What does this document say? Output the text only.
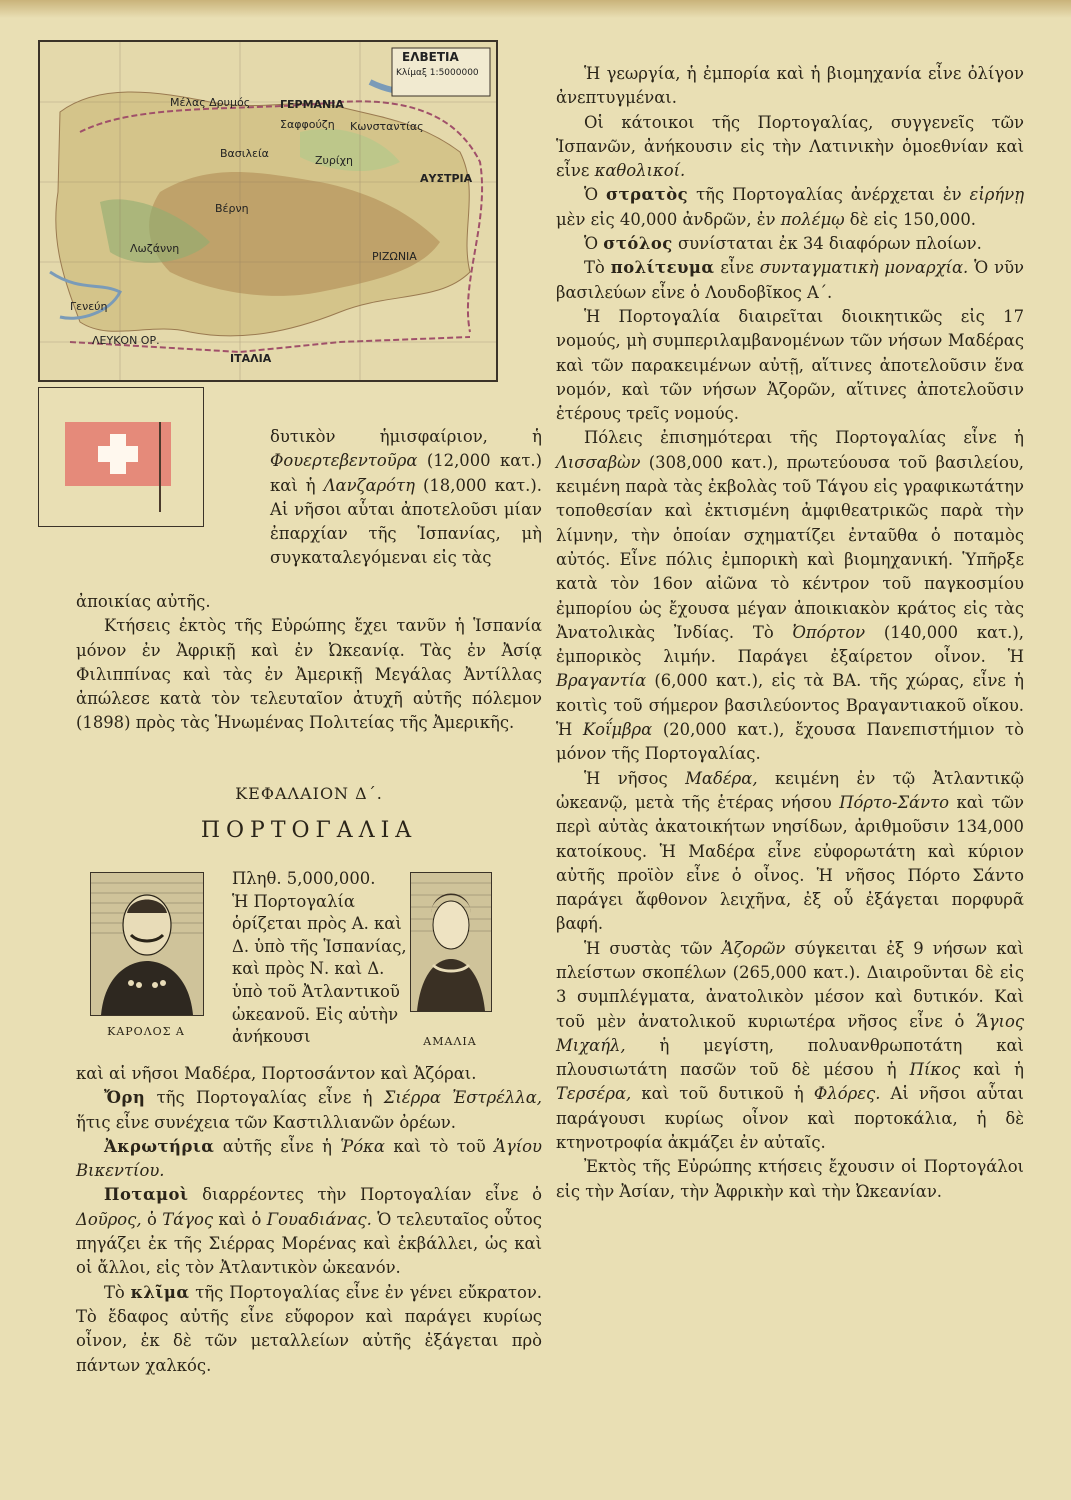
ΕΛΒΕΤΙΑ
Κλίμαξ 1:5000000
ΓΕΡΜΑΝΙΑ
ΑΥΣΤΡΙΑ
ΙΤΑΛΙΑ
Μέλας Δρυμός
Ζυρίχη
Βασιλεία
Βέρνη
Λωζάννη
Γενεύη
Σαφφούζη Κωνσταντίας
ΡΙΖΩΝΙΑ
ΛΕΥΚΟΝ ΟΡ.

δυτικὸν ἡμισφαίριον, ἡ Φουερτεβεντοῦρα (12,000 κατ.) καὶ ἡ Λανζαρότη (18,000 κατ.). Αἱ νῆσοι αὗται ἀποτελοῦσι μίαν ἐπαρχίαν τῆς Ἱσπανίας, μὴ συγκαταλεγόμεναι εἰς τὰς

ἀποικίας αὐτῆς.

Κτήσεις ἐκτὸς τῆς Εὐρώπης ἔχει τανῦν ἡ Ἱσπανία μόνον ἐν Ἀφρικῇ καὶ ἐν Ὠκεανίᾳ. Τὰς ἐν Ἀσίᾳ Φιλιππίνας καὶ τὰς ἐν Ἀμερικῇ Μεγάλας Ἀντίλλας ἀπώλεσε κατὰ τὸν τελευταῖον ἀτυχῆ αὐτῆς πόλεμον (1898) πρὸς τὰς Ἡνωμένας Πολιτείας τῆς Ἀμερικῆς.

ΚΕΦΑΛΑΙΟΝ Δ΄.
ΠΟΡΤΟΓΑΛΙΑ
ΚΑΡΟΛΟΣ Α
ΑΜΑΛΙΑ

Πληθ. 5,000,000.

Ἡ Πορτογαλία ὁρίζεται πρὸς Α. καὶ Δ. ὑπὸ τῆς Ἱσπανίας, καὶ πρὸς Ν. καὶ Δ. ὑπὸ τοῦ Ἀτλαντικοῦ ὠκεανοῦ. Εἰς αὐτὴν ἀνήκουσι

καὶ αἱ νῆσοι Μαδέρα, Πορτοσάντον καὶ Ἀζόραι.

Ὄρη τῆς Πορτογαλίας εἶνε ἡ Σιέρρα Ἐστρέλλα, ἥτις εἶνε συνέχεια τῶν Καστιλλιανῶν ὀρέων.

Ἀκρωτήρια αὐτῆς εἶνε ἡ Ῥόκα καὶ τὸ τοῦ Ἁγίου Βικεντίου.

Ποταμοὶ διαρρέοντες τὴν Πορτογαλίαν εἶνε ὁ Δοῦρος, ὁ Τάγος καὶ ὁ Γουαδιάνας. Ὁ τελευταῖος οὗτος πηγάζει ἐκ τῆς Σιέρρας Μορένας καὶ ἐκβάλλει, ὡς καὶ οἱ ἄλλοι, εἰς τὸν Ἀτλαντικὸν ὠκεανόν.

Τὸ κλῖμα τῆς Πορτογαλίας εἶνε ἐν γένει εὔκρατον. Τὸ ἔδαφος αὐτῆς εἶνε εὔφορον καὶ παράγει κυρίως οἶνον, ἐκ δὲ τῶν μεταλλείων αὐτῆς ἐξάγεται πρὸ πάντων χαλκός.

Ἡ γεωργία, ἡ ἐμπορία καὶ ἡ βιομηχανία εἶνε ὀλίγον ἀνεπτυγμέναι.

Οἱ κάτοικοι τῆς Πορτογαλίας, συγγενεῖς τῶν Ἱσπανῶν, ἀνήκουσιν εἰς τὴν Λατινικὴν ὁμοεθνίαν καὶ εἶνε καθολικοί.

Ὁ στρατὸς τῆς Πορτογαλίας ἀνέρχεται ἐν εἰρήνῃ μὲν εἰς 40,000 ἀνδρῶν, ἐν πολέμῳ δὲ εἰς 150,000.

Ὁ στόλος συνίσταται ἐκ 34 διαφόρων πλοίων.

Τὸ πολίτευμα εἶνε συνταγματικὴ μοναρχία. Ὁ νῦν βασιλεύων εἶνε ὁ Λουδοβῖκος Α΄.

Ἡ Πορτογαλία διαιρεῖται διοικητικῶς εἰς 17 νομούς, μὴ συμπεριλαμβανομένων τῶν νήσων Μαδέρας καὶ τῶν παρακειμένων αὐτῇ, αἵτινες ἀποτελοῦσιν ἕνα νομόν, καὶ τῶν νήσων Ἀζορῶν, αἵτινες ἀποτελοῦσιν ἑτέρους τρεῖς νομούς.

Πόλεις ἐπισημότεραι τῆς Πορτογαλίας εἶνε ἡ Λισσαβὼν (308,000 κατ.), πρωτεύουσα τοῦ βασιλείου, κειμένη παρὰ τὰς ἐκβολὰς τοῦ Τάγου εἰς γραφικωτάτην τοποθεσίαν καὶ ἐκτισμένη ἀμφιθεατρικῶς παρὰ τὴν λίμνην, τὴν ὁποίαν σχηματίζει ἐνταῦθα ὁ ποταμὸς αὐτός. Εἶνε πόλις ἐμπορικὴ καὶ βιομηχανική. Ὑπῆρξε κατὰ τὸν 16ον αἰῶνα τὸ κέντρον τοῦ παγκοσμίου ἐμπορίου ὡς ἔχουσα μέγαν ἀποικιακὸν κράτος εἰς τὰς Ἀνατολικὰς Ἰνδίας. Τὸ Ὀπόρτον (140,000 κατ.), ἐμπορικὸς λιμήν. Παράγει ἐξαίρετον οἶνον. Ἡ Βραγαντία (6,000 κατ.), εἰς τὰ ΒΑ. τῆς χώρας, εἶνε ἡ κοιτὶς τοῦ σήμερον βασιλεύοντος Βραγαντιακοῦ οἴκου. Ἡ Κοΐμβρα (20,000 κατ.), ἔχουσα Πανεπιστήμιον τὸ μόνον τῆς Πορτογαλίας.

Ἡ νῆσος Μαδέρα, κειμένη ἐν τῷ Ἀτλαντικῷ ὠκεανῷ, μετὰ τῆς ἑτέρας νήσου Πόρτο-Σάντο καὶ τῶν περὶ αὐτὰς ἀκατοικήτων νησίδων, ἀριθμοῦσιν 134,000 κατοίκους. Ἡ Μαδέρα εἶνε εὐφορωτάτη καὶ κύριον αὐτῆς προϊὸν εἶνε ὁ οἶνος. Ἡ νῆσος Πόρτο Σάντο παράγει ἄφθονον λειχῆνα, ἐξ οὗ ἐξάγεται πορφυρᾶ βαφή.

Ἡ συστὰς τῶν Ἀζορῶν σύγκειται ἐξ 9 νήσων καὶ πλείστων σκοπέλων (265,000 κατ.). Διαιροῦνται δὲ εἰς 3 συμπλέγματα, ἀνατολικὸν μέσον καὶ δυτικόν. Καὶ τοῦ μὲν ἀνατολικοῦ κυριωτέρα νῆσος εἶνε ὁ Ἅγιος Μιχαήλ, ἡ μεγίστη, πολυανθρωποτάτη καὶ πλουσιωτάτη πασῶν τοῦ δὲ μέσου ἡ Πίκος καὶ ἡ Τερσέρα, καὶ τοῦ δυτικοῦ ἡ Φλόρες. Αἱ νῆσοι αὗται παράγουσι κυρίως οἶνον καὶ πορτοκάλια, ἡ δὲ κτηνοτροφία ἀκμάζει ἐν αὐταῖς.

Ἐκτὸς τῆς Εὐρώπης κτήσεις ἔχουσιν οἱ Πορτογάλοι εἰς τὴν Ἀσίαν, τὴν Ἀφρικὴν καὶ τὴν Ὠκεανίαν.
